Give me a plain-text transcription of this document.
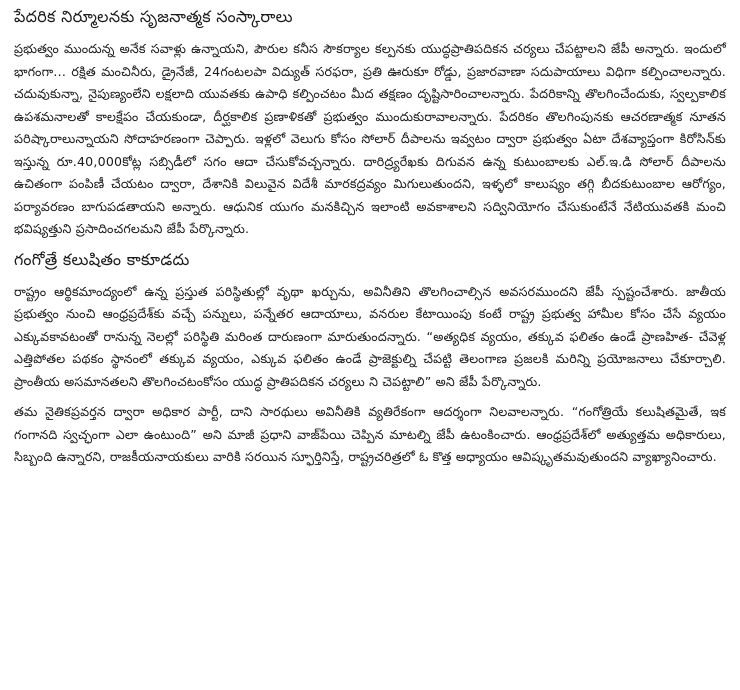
పేదరిక నిర్మూలనకు సృజనాత్మక సంస్కారాలు

ప్రభుత్వం ముందున్న అనేక సవాళ్లు ఉన్నాయని, పౌరుల కనీస సౌకర్యాల కల్పనకు యుద్ధప్రాతిపదికన చర్యలు చేపట్టాలని జేపీ అన్నారు. ఇందులో భాగంగా... రక్షిత మంచినీరు, డ్రైనేజీ, 24గంటలపా విద్యుత్ సరఫరా, ప్రతి ఊరుకూ రోడ్డు, ప్రజారవాణా సదుపాయాలు విధిగా కల్పించాలన్నారు. చదువుకున్నా, నైపుణ్యంలేని లక్షలాది యువతకు ఉపాధి కల్పించటం మీద తక్షణం దృష్టిసారించాలన్నారు. పేదరికాన్ని తొలగించేందుకు, స్వల్పకాలిక ఉపశమనాలతో కాలక్షేపం చేయకుండా, దీర్ఘకాలిక ప్రణాళికతో ప్రభుత్వం ముందుకురావాలన్నారు. పేదరికం తొలగింపునకు ఆచరణాత్మక నూతన పరిష్కారాలున్నాయని సోదాహరణంగా చెప్పారు. ఇళ్లలో వెలుగు కోసం సోలార్ దీపాలను ఇవ్వటం ద్వారా ప్రభుత్వం ఏటా దేశవ్యాప్తంగా కిరోసిన్‌కు ఇస్తున్న రూ.40,000కోట్ల సబ్సిడీలో సగం ఆదా చేసుకోవచ్చన్నారు. దారిద్ర్యరేఖకు దిగువన ఉన్న కుటుంబాలకు ఎల్.ఇ.డి సోలార్ దీపాలను ఉచితంగా పంపిణీ చేయటం ద్వారా, దేశానికి విలువైన విదేశీ మారకద్రవ్యం మిగులుతుందని, ఇళ్ళలో కాలుష్యం తగ్గి బీదకుటుంబాల ఆరోగ్యం, పర్యావరణం బాగుపడతాయని అన్నారు. ఆధునిక యుగం మనకిచ్చిన ఇలాంటి అవకాశాలని సద్వినియోగం చేసుకుంటేనే నేటియువతకి మంచి భవిష్యత్తుని ప్రసాదించగలమని జేపీ పేర్కొన్నారు.

గంగోత్రే కలుషితం కాకూడదు

రాష్ట్రం ఆర్థికమాంద్యంలో ఉన్న ప్రస్తుత పరిస్థితుల్లో వృథా ఖర్చును, అవినీతిని తొలగించాల్సిన అవసరముందని జేపీ స్పష్టంచేశారు. జాతీయ ప్రభుత్వం నుంచి ఆంధ్రప్రదేశ్‌కు వచ్చే పన్నులు, పన్నేతర ఆదాయాలు, వనరుల కేటాయింపు కంటే రాష్ట్ర ప్రభుత్వ హామీల కోసం చేసే వ్యయం ఎక్కువకావటంతో రానున్న నెలల్లో పరిస్థితి మరింత దారుణంగా మారుతుందన్నారు. “అత్యధిక వ్యయం, తక్కువ ఫలితం ఉండే ప్రాణహిత- చేవెళ్ల ఎత్తిపోతల పథకం స్థానంలో తక్కువ వ్యయం, ఎక్కువ ఫలితం ఉండే ప్రాజెక్టుల్ని చేపట్టి తెలంగాణ ప్రజలకి మరిన్ని ప్రయోజనాలు చేకూర్చాలి. ప్రాంతీయ అసమానతలని తొలగించటంకోసం యుద్ధ ప్రాతిపదికన చర్యలు ని చెపట్టాలి” అని జేపీ పేర్కొన్నారు.

తమ నైతికప్రవర్తన ద్వారా అధికార పార్టీ, దాని సారథులు అవినీతికి వ్యతిరేకంగా ఆదర్శంగా నిలవాలన్నారు. “గంగోత్రియే కలుషితమైతే, ఇక గంగానది స్వచ్ఛంగా ఎలా ఉంటుంది” అని మాజీ ప్రధాని వాజ్‌పేయి చెప్పిన మాటల్ని జేపీ ఉటంకించారు. ఆంధ్రప్రదేశ్‌లో అత్యుత్తమ అధికారులు, సిబ్బంది ఉన్నారని, రాజకీయనాయకులు వారికి సరయిన స్ఫూర్తినిస్తే, రాష్ట్రచరిత్రలో ఓ కొత్త అధ్యాయం ఆవిష్కృతమవుతుందని వ్యాఖ్యానించారు.
